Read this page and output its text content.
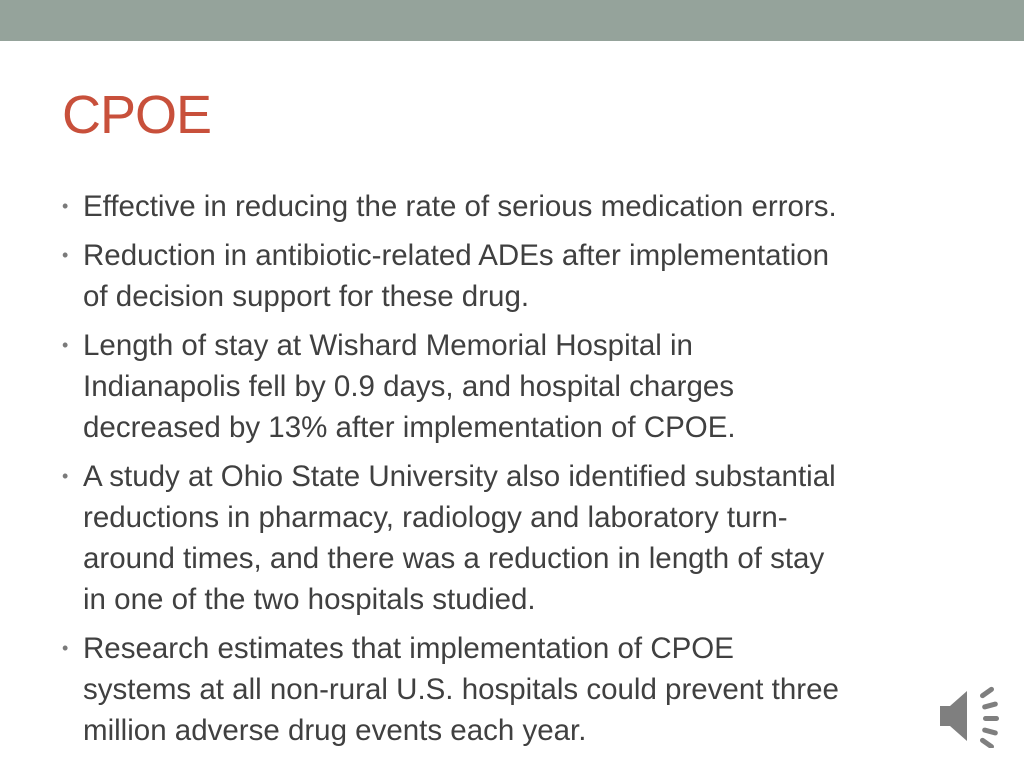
CPOE
• Effective in reducing the rate of serious medication errors.
• Reduction in antibiotic-related ADEs after implementation
of decision support for these drug.
• Length of stay at Wishard Memorial Hospital in
Indianapolis fell by 0.9 days, and hospital charges
decreased by 13% after implementation of CPOE.
• A study at Ohio State University also identified substantial
reductions in pharmacy, radiology and laboratory turn-
around times, and there was a reduction in length of stay
in one of the two hospitals studied.
• Research estimates that implementation of CPOE
systems at all non-rural U.S. hospitals could prevent three
million adverse drug events each year.
